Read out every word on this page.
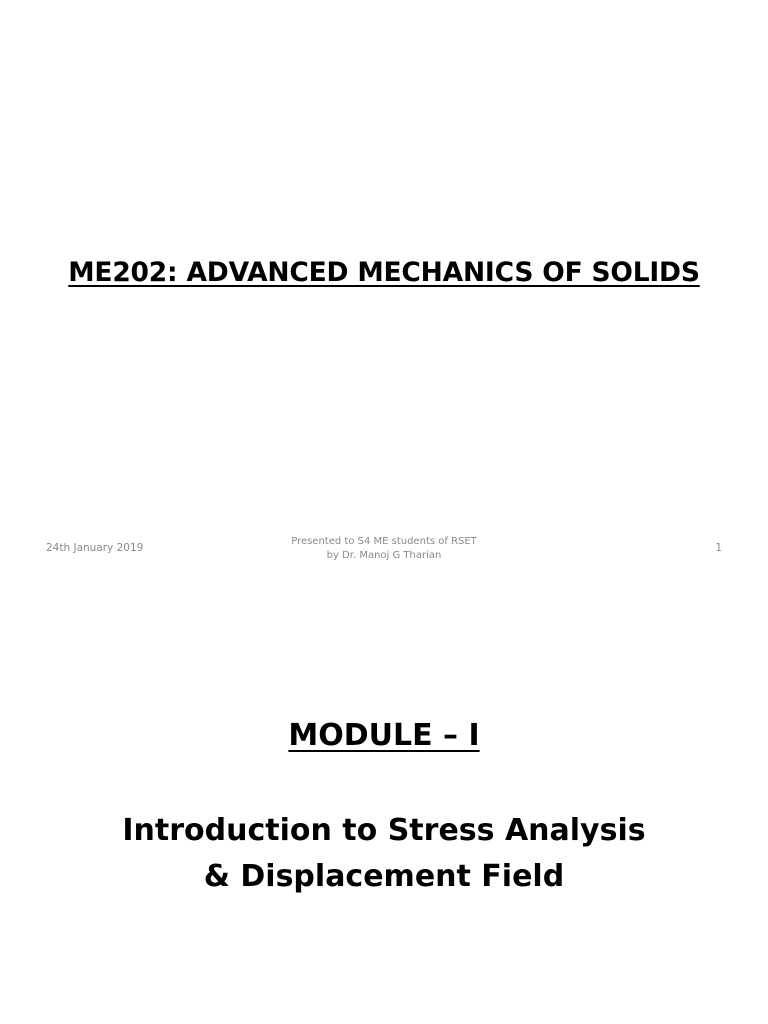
ME202: ADVANCED MECHANICS OF SOLIDS
24th January 2019
Presented to S4 ME students of RSET
by Dr. Manoj G Tharian
1
MODULE – I
Introduction to Stress Analysis
& Displacement Field
